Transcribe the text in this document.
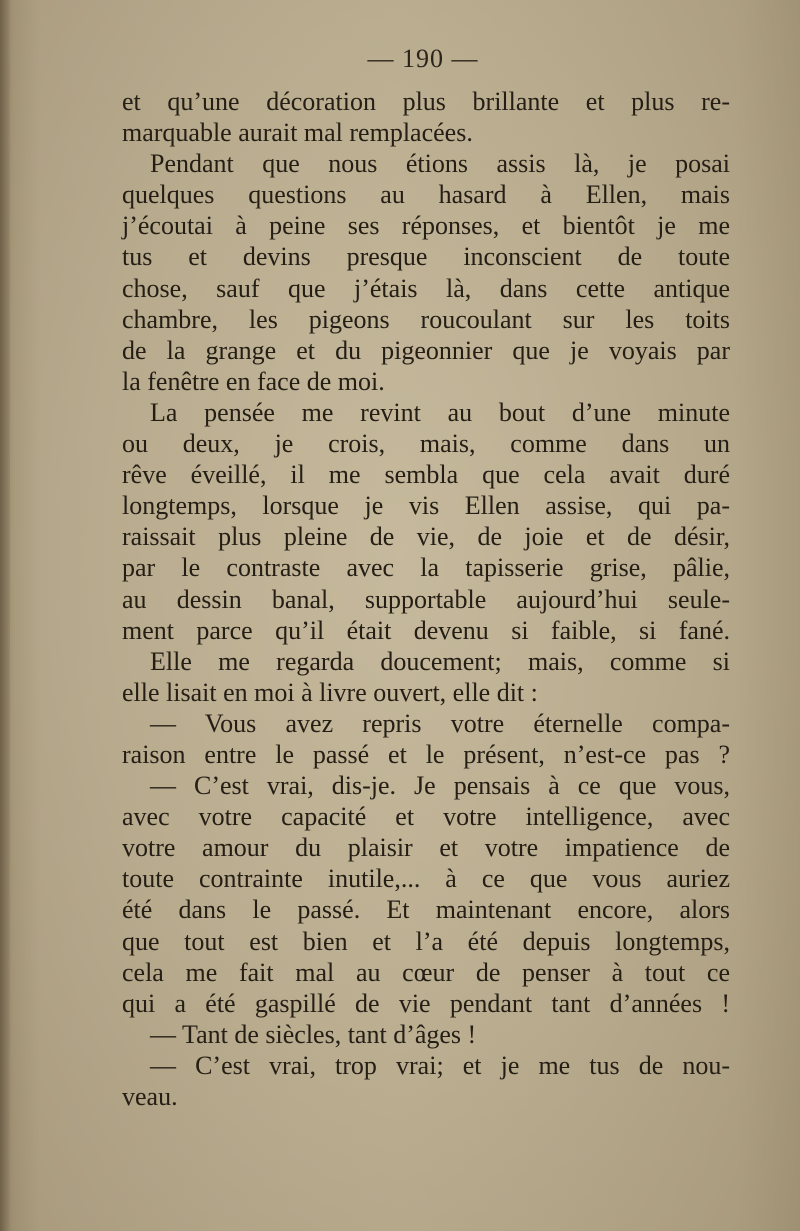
— 190 —
et qu’une décoration plus brillante et plus re-
marquable aurait mal remplacées.
Pendant que nous étions assis là, je posai
quelques questions au hasard à Ellen, mais
j’écoutai à peine ses réponses, et bientôt je me
tus et devins presque inconscient de toute
chose, sauf que j’étais là, dans cette antique
chambre, les pigeons roucoulant sur les toits
de la grange et du pigeonnier que je voyais par
la fenêtre en face de moi.
La pensée me revint au bout d’une minute
ou deux, je crois, mais, comme dans un
rêve éveillé, il me sembla que cela avait duré
longtemps, lorsque je vis Ellen assise, qui pa-
raissait plus pleine de vie, de joie et de désir,
par le contraste avec la tapisserie grise, pâlie,
au dessin banal, supportable aujourd’hui seule-
ment parce qu’il était devenu si faible, si fané.
Elle me regarda doucement; mais, comme si
elle lisait en moi à livre ouvert, elle dit :
— Vous avez repris votre éternelle compa-
raison entre le passé et le présent, n’est-ce pas ?
— C’est vrai, dis-je. Je pensais à ce que vous,
avec votre capacité et votre intelligence, avec
votre amour du plaisir et votre impatience de
toute contrainte inutile,... à ce que vous auriez
été dans le passé. Et maintenant encore, alors
que tout est bien et l’a été depuis longtemps,
cela me fait mal au cœur de penser à tout ce
qui a été gaspillé de vie pendant tant d’années !
— Tant de siècles, tant d’âges !
— C’est vrai, trop vrai; et je me tus de nou-
veau.
